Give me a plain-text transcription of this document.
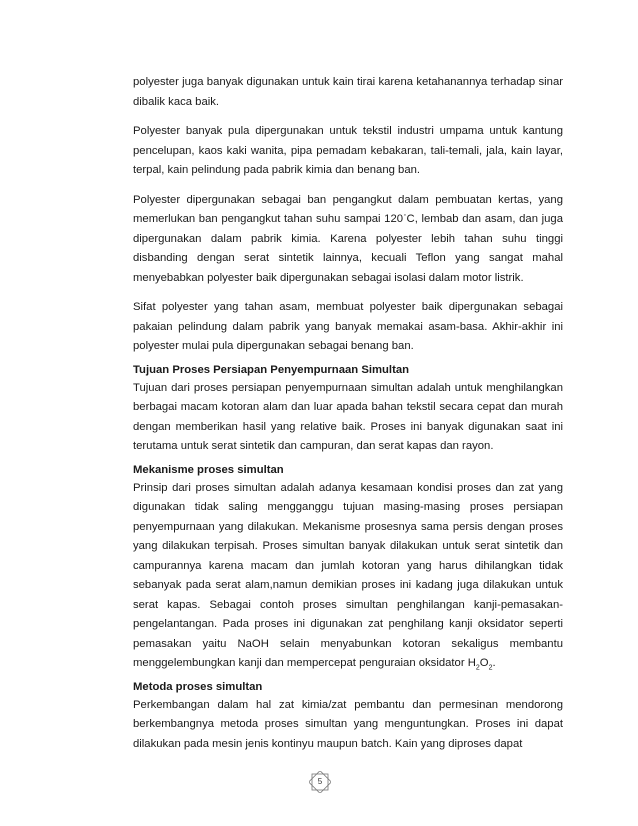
polyester juga banyak digunakan untuk kain tirai karena ketahanannya terhadap sinar dibalik kaca baik.

Polyester banyak pula dipergunakan untuk tekstil industri umpama untuk kantung pencelupan, kaos kaki wanita, pipa pemadam kebakaran, tali-temali, jala, kain layar, terpal, kain pelindung pada pabrik kimia dan benang ban.

Polyester dipergunakan sebagai ban pengangkut dalam pembuatan kertas, yang memerlukan ban pengangkut tahan suhu sampai 120◦C, lembab dan asam, dan juga dipergunakan dalam pabrik kimia. Karena polyester lebih tahan suhu tinggi disbanding dengan serat sintetik lainnya, kecuali Teflon yang sangat mahal menyebabkan polyester baik dipergunakan sebagai isolasi dalam motor listrik.

Sifat polyester yang tahan asam, membuat polyester baik dipergunakan sebagai pakaian pelindung dalam pabrik yang banyak memakai asam-basa. Akhir-akhir ini polyester mulai pula dipergunakan sebagai benang ban.

Tujuan Proses Persiapan Penyempurnaan Simultan

Tujuan dari proses persiapan penyempurnaan simultan adalah untuk menghilangkan berbagai macam kotoran alam dan luar apada bahan tekstil secara cepat dan murah dengan memberikan hasil yang relative baik. Proses ini banyak digunakan saat ini terutama untuk serat sintetik dan campuran, dan serat kapas dan rayon.

Mekanisme proses simultan

Prinsip dari proses simultan adalah adanya kesamaan kondisi proses dan zat yang digunakan tidak saling mengganggu tujuan masing-masing proses persiapan penyempurnaan yang dilakukan. Mekanisme prosesnya sama persis dengan proses yang dilakukan terpisah. Proses simultan banyak dilakukan untuk serat sintetik dan campurannya karena macam dan jumlah kotoran yang harus dihilangkan tidak sebanyak pada serat alam,namun demikian proses ini kadang juga dilakukan untuk serat kapas. Sebagai contoh proses simultan penghilangan kanji-pemasakan-pengelantangan. Pada proses ini digunakan zat penghilang kanji oksidator seperti pemasakan yaitu NaOH selain menyabunkan kotoran sekaligus membantu menggelembungkan kanji dan mempercepat penguraian oksidator $H_2O_2$.

Metoda proses simultan

Perkembangan dalam hal zat kimia/zat pembantu dan permesinan mendorong berkembangnya metoda proses simultan yang menguntungkan. Proses ini dapat dilakukan pada mesin jenis kontinyu maupun batch. Kain yang diproses dapat

5
